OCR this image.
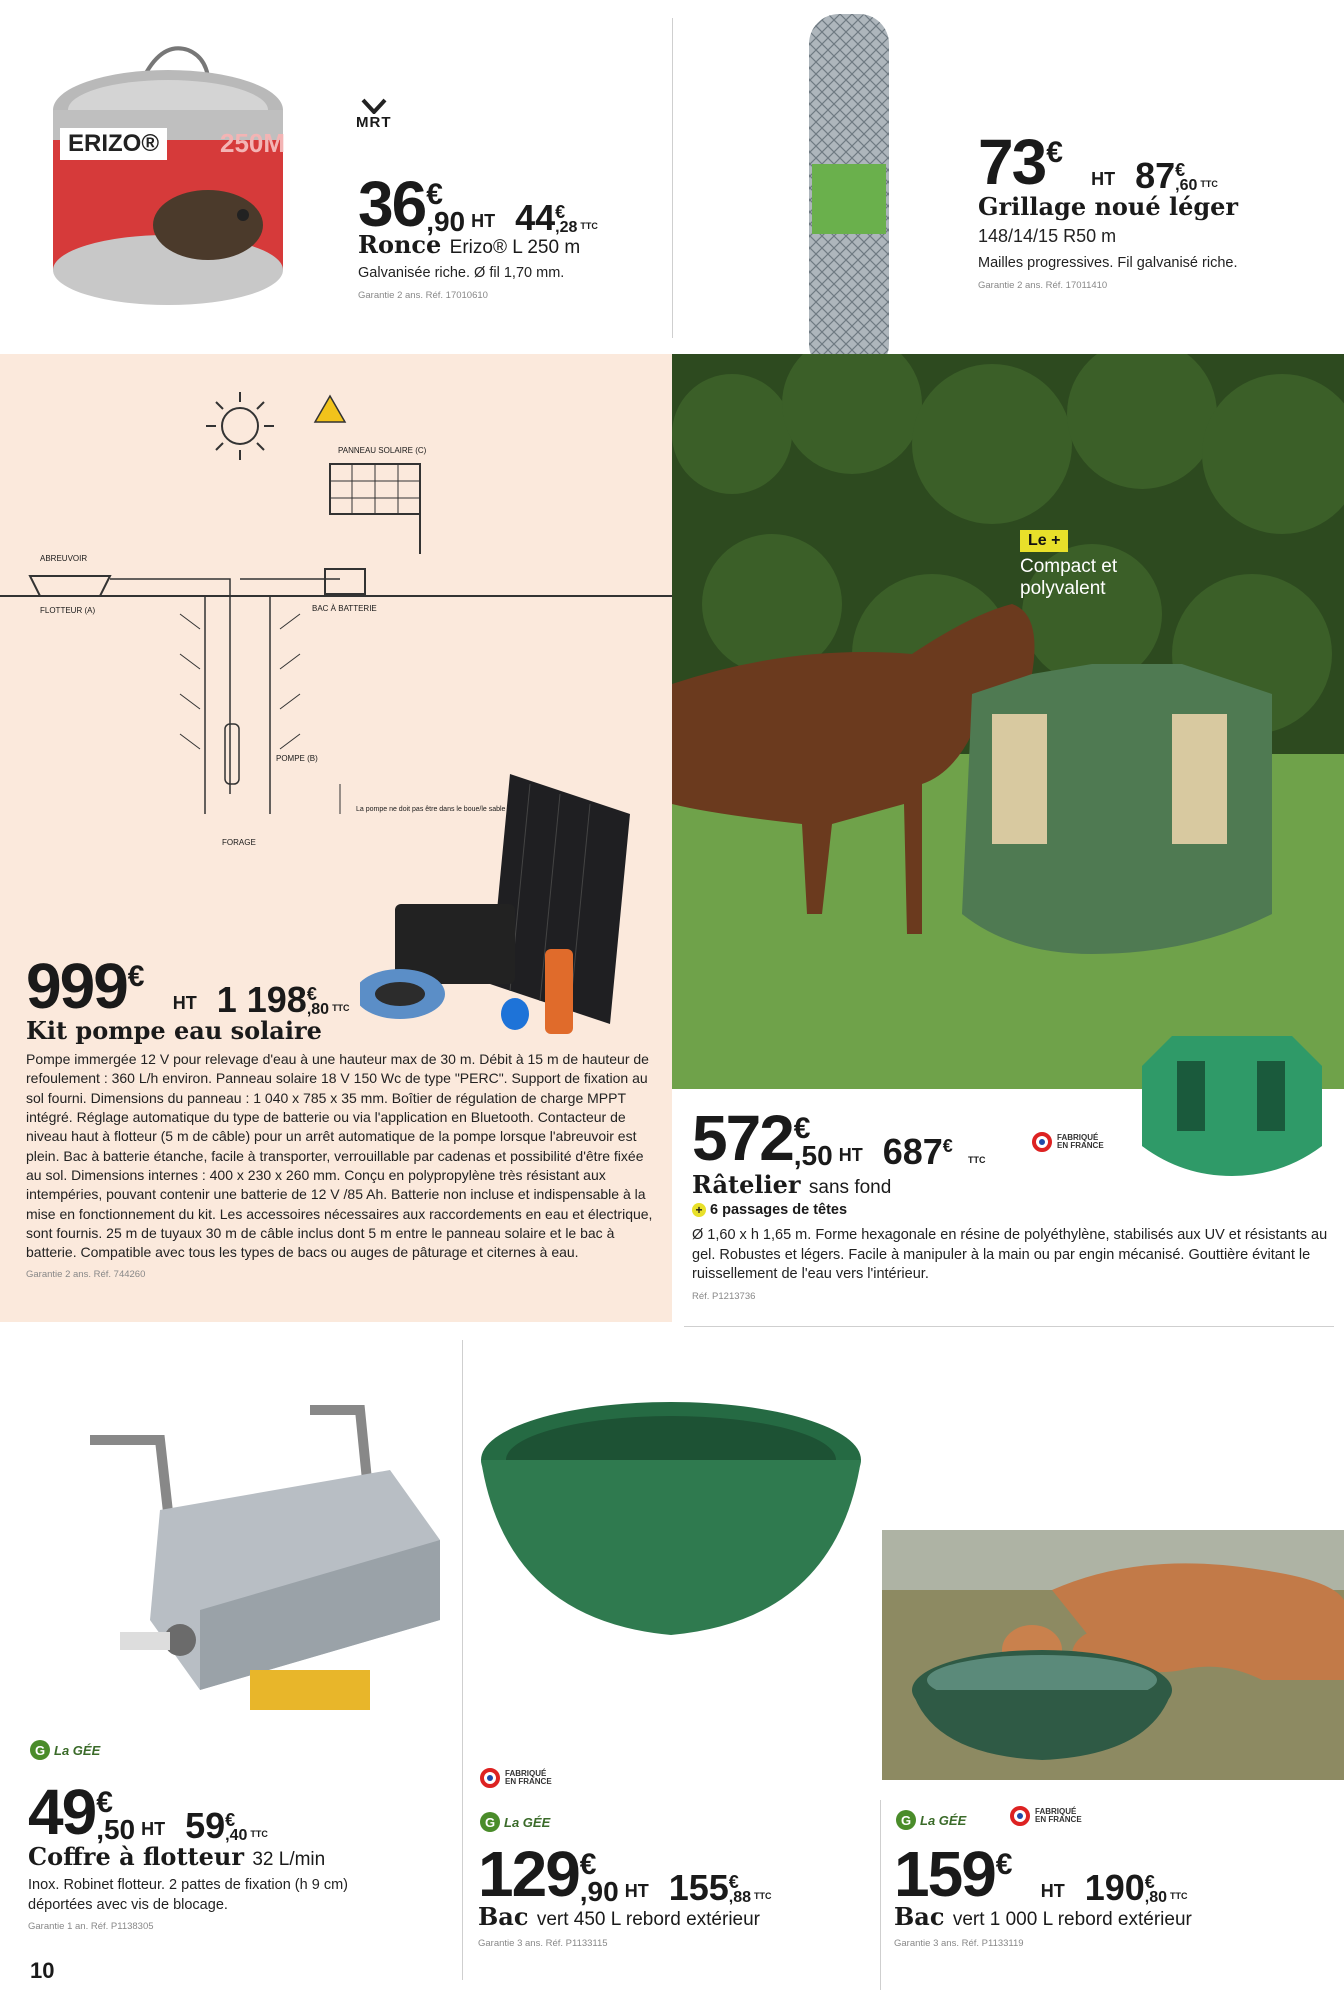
ERIZO®	250M
MRT
36 €
,90 HT 44 €
,28 TTC
Ronce Erizo® L 250 m
Galvanisée riche. Ø fil 1,70 mm.
Garantie 2 ans. Réf. 17010610
73 €
HT 87 €
,60 TTC
Grillage noué léger
148/14/15 R50 m
Mailles progressives. Fil galvanisé riche.
Garantie 2 ans. Réf. 17011410
PANNEAU SOLAIRE (C)
ABREUVOIR
FLOTTEUR (A)	BAC À BATTERIE
POMPE (B)
FORAGE
La pompe ne doit pas être dans le boue/le sable
999 €
HT 1 198 €
,80 TTC
Kit pompe eau solaire
Pompe immergée 12 V pour relevage d'eau à une hauteur max de 30 m. Débit à 15 m de hauteur de refoulement : 360 L/h environ. Panneau solaire 18 V 150 Wc de type "PERC". Support de fixation au sol fourni. Dimensions du panneau : 1 040 x 785 x 35 mm. Boîtier de régulation de charge MPPT intégré. Réglage automatique du type de batterie ou via l'application en Bluetooth. Contacteur de niveau haut à flotteur (5 m de câble) pour un arrêt automatique de la pompe lorsque l'abreuvoir est plein. Bac à batterie étanche, facile à transporter, verrouillable par cadenas et possibilité d'être fixée au sol. Dimensions internes : 400 x 230 x 260 mm. Conçu en polypropylène très résistant aux intempéries, pouvant contenir une batterie de 12 V /85 Ah. Batterie non incluse et indispensable à la mise en fonctionnement du kit. Les accessoires nécessaires aux raccordements en eau et électrique, sont fournis. 25 m de tuyaux 30 m de câble inclus dont 5 m entre le panneau solaire et le bac à batterie. Compatible avec tous les types de bacs ou auges de pâturage et citernes à eau.
Garantie 2 ans. Réf. 744260
Le +
Compact et
polyvalent
572 €
,50 HT 687 €
TTC
FABRIQUÉ
EN FRANCE
Râtelier sans fond
+ 6 passages de têtes
Ø 1,60 x h 1,65 m. Forme hexagonale en résine de polyéthylène, stabilisés aux UV et résistants au gel. Robustes et légers. Facile à manipuler à la main ou par engin mécanisé. Gouttière évitant le ruissellement de l'eau vers l'intérieur.
Réf. P1213736
G La GÉE
49 €
,50 HT 59 €
,40 TTC
Coffre à flotteur 32 L/min
Inox. Robinet flotteur. 2 pattes de fixation (h 9 cm) déportées avec vis de blocage.
Garantie 1 an. Réf. P1138305
10
FABRIQUÉ
EN FRANCE
G La GÉE
129 €
,90 HT 155 €
,88 TTC
Bac vert 450 L rebord extérieur
Garantie 3 ans. Réf. P1133115
G La GÉE
FABRIQUÉ
EN FRANCE
159 €
HT 190 €
,80 TTC
Bac vert 1 000 L rebord extérieur
Garantie 3 ans. Réf. P1133119
